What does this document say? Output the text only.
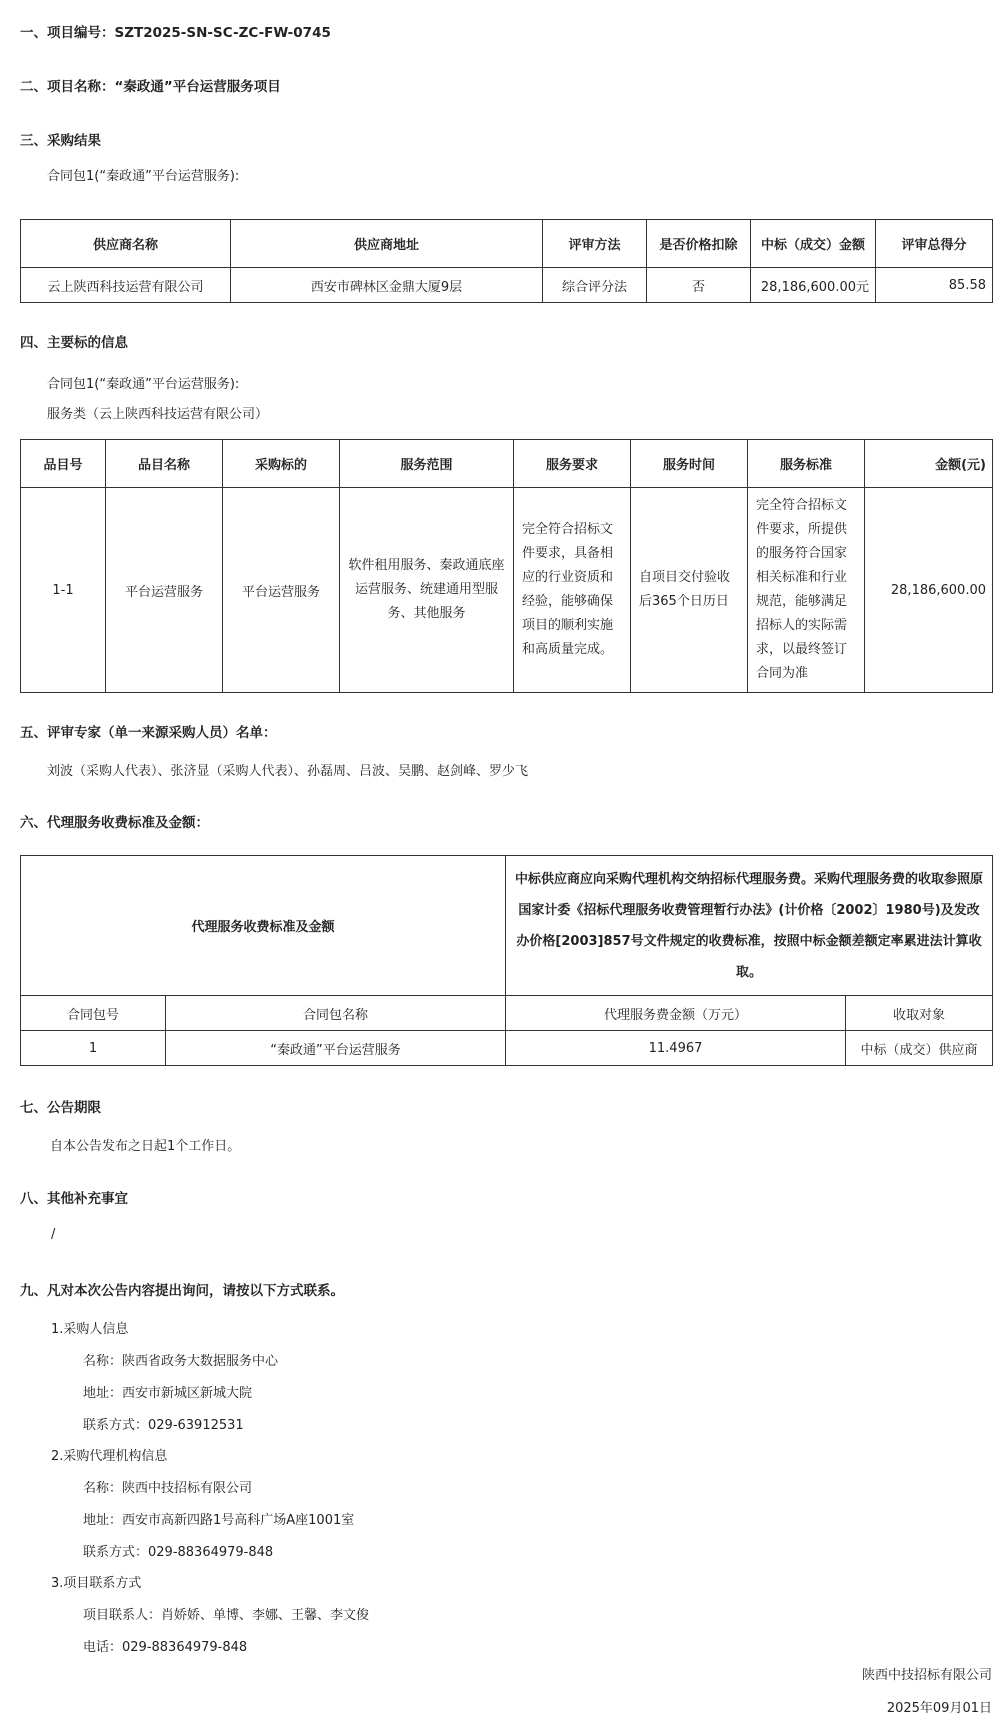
一、项目编号：SZT2025-SN-SC-ZC-FW-0745
二、项目名称：“秦政通”平台运营服务项目
三、采购结果
合同包1(“秦政通”平台运营服务):
供应商名称	供应商地址	评审方法	是否价格扣除	中标（成交）金额	评审总得分
云上陕西科技运营有限公司	西安市碑林区金鼎大厦9层	综合评分法	否	28,186,600.00元	85.58
四、主要标的信息
合同包1(“秦政通”平台运营服务):
服务类（云上陕西科技运营有限公司）
品目号	品目名称	采购标的	服务范围	服务要求	服务时间	服务标准	金额(元)
1-1	平台运营服务	平台运营服务	软件租用服务、秦政通底座运营服务、统建通用型服务、其他服务	完全符合招标文件要求，具备相应的行业资质和经验，能够确保项目的顺利实施和高质量完成。	自项目交付验收后365个日历日	完全符合招标文件要求，所提供的服务符合国家相关标准和行业规范，能够满足招标人的实际需求，以最终签订合同为准	28,186,600.00
五、评审专家（单一来源采购人员）名单：
刘波（采购人代表）、张济显（采购人代表）、孙磊周、吕波、吴鹏、赵剑峰、罗少飞
六、代理服务收费标准及金额：
代理服务收费标准及金额		中标供应商应向采购代理机构交纳招标代理服务费。采购代理服务费的收取参照原国家计委《招标代理服务收费管理暂行办法》(计价格〔2002〕1980号)及发改办价格[2003]857号文件规定的收费标准，按照中标金额差额定率累进法计算收取。	
合同包号	合同包名称	代理服务费金额（万元）	收取对象
1	“秦政通”平台运营服务	11.4967	中标（成交）供应商
七、公告期限
自本公告发布之日起1个工作日。
八、其他补充事宜
/
九、凡对本次公告内容提出询问，请按以下方式联系。
1.采购人信息
名称：陕西省政务大数据服务中心
地址：西安市新城区新城大院
联系方式：029-63912531
2.采购代理机构信息
名称：陕西中技招标有限公司
地址：西安市高新四路1号高科广场A座1001室
联系方式：029-88364979-848
3.项目联系方式
项目联系人：肖娇娇、单博、李娜、王馨、李文俊
电话：029-88364979-848
陕西中技招标有限公司
2025年09月01日
